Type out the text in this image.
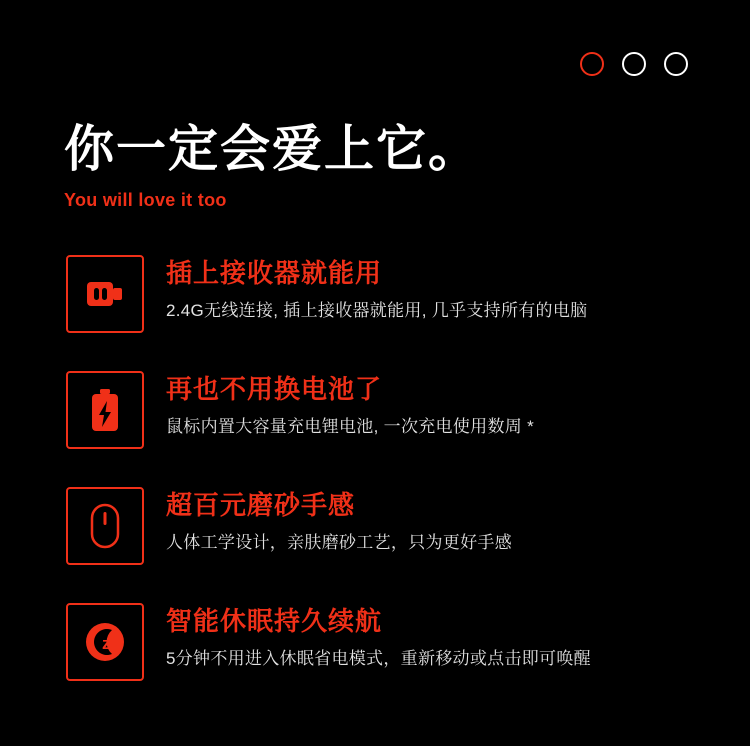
你一定会爱上它。
You will love it too
插上接收器就能用
2.4G无线连接, 插上接收器就能用, 几乎支持所有的电脑
再也不用换电池了
鼠标内置大容量充电锂电池, 一次充电使用数周 *
超百元磨砂手感
人体工学设计，亲肤磨砂工艺，只为更好手感
z
智能休眠持久续航
5分钟不用进入休眠省电模式，重新移动或点击即可唤醒
